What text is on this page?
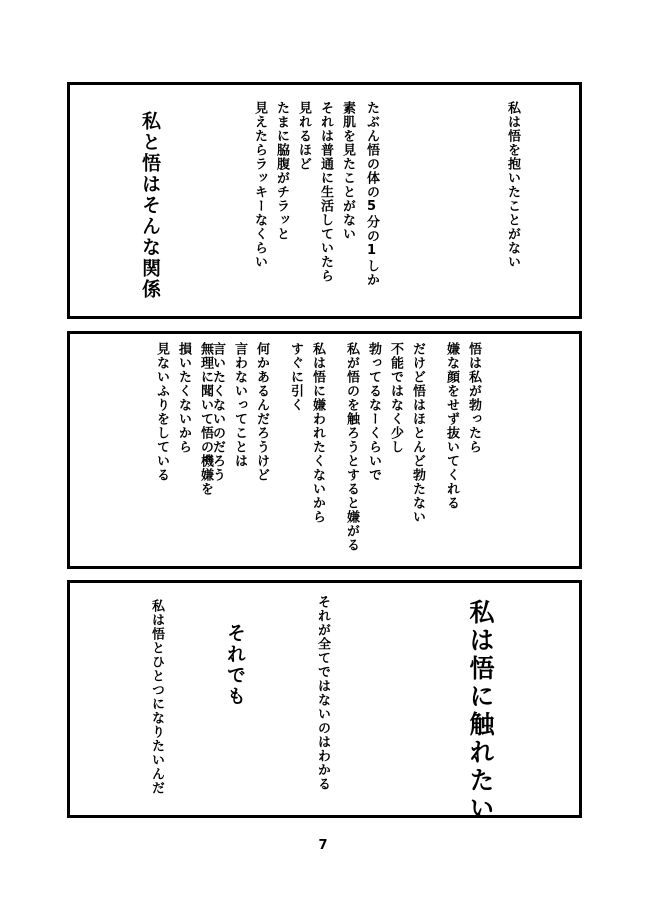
私は悟を抱いたことがない

たぶん悟の体の5分の1しか

素肌を見たことがない

それは普通に生活していたら

見れるほど

たまに脇腹がチラッと

見えたらラッキーなくらい

私と悟はそんな関係

悟は私が勃ったら

嫌な顔をせず抜いてくれる

だけど悟はほとんど勃たない

不能ではなく少し

勃ってるなーくらいで

私が悟のを触ろうとすると嫌がる

私は悟に嫌われたくないから

すぐに引く

何かあるんだろうけど

言わないってことは

言いたくないのだろう

無理に聞いて悟の機嫌を

損いたくないから

見ないふりをしている

私は悟に触れたい

それが全てではないのはわかる

それでも

私は悟とひとつになりたいんだ

7
